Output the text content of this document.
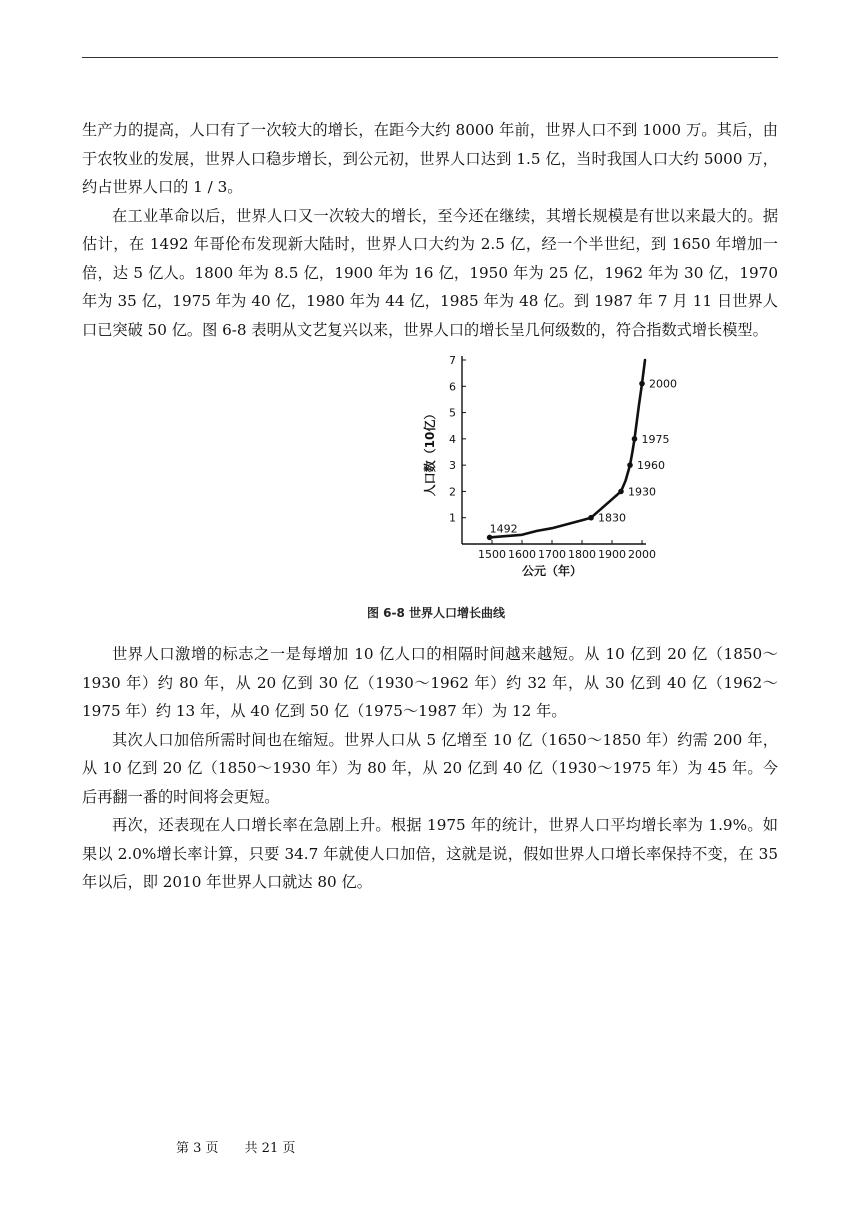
生产力的提高，人口有了一次较大的增长，在距今大约 8000 年前，世界人口不到 1000 万。其后，由于农牧业的发展，世界人口稳步增长，到公元初，世界人口达到 1.5 亿，当时我国人口大约 5000 万，约占世界人口的 1 / 3。

在工业革命以后，世界人口又一次较大的增长，至今还在继续，其增长规模是有世以来最大的。据估计，在 1492 年哥伦布发现新大陆时，世界人口大约为 2.5 亿，经一个半世纪，到 1650 年增加一倍，达 5 亿人。1800 年为 8.5 亿，1900 年为 16 亿，1950 年为 25 亿，1962 年为 30 亿，1970 年为 35 亿，1975 年为 40 亿，1980 年为 44 亿，1985 年为 48 亿。到 1987 年 7 月 11 日世界人口已突破 50 亿。图 6-8 表明从文艺复兴以来，世界人口的增长呈几何级数的，符合指数式增长模型。

1
2
3
4
5
6
7
1500 1600 1700 1800 1900 2000
1492
1830
1930
1960
1975
2000
公元（年）
人口数（10亿）
图 6-8 世界人口增长曲线

世界人口激增的标志之一是每增加 10 亿人口的相隔时间越来越短。从 10 亿到 20 亿（1850～1930 年）约 80 年，从 20 亿到 30 亿（1930～1962 年）约 32 年，从 30 亿到 40 亿（1962～1975 年）约 13 年，从 40 亿到 50 亿（1975～1987 年）为 12 年。

其次人口加倍所需时间也在缩短。世界人口从 5 亿增至 10 亿（1650～1850 年）约需 200 年，从 10 亿到 20 亿（1850～1930 年）为 80 年，从 20 亿到 40 亿（1930～1975 年）为 45 年。今后再翻一番的时间将会更短。

再次，还表现在人口增长率在急剧上升。根据 1975 年的统计，世界人口平均增长率为 1.9%。如果以 2.0%增长率计算，只要 34.7 年就使人口加倍，这就是说，假如世界人口增长率保持不变，在 35 年以后，即 2010 年世界人口就达 80 亿。

第 3 页 共 21 页
